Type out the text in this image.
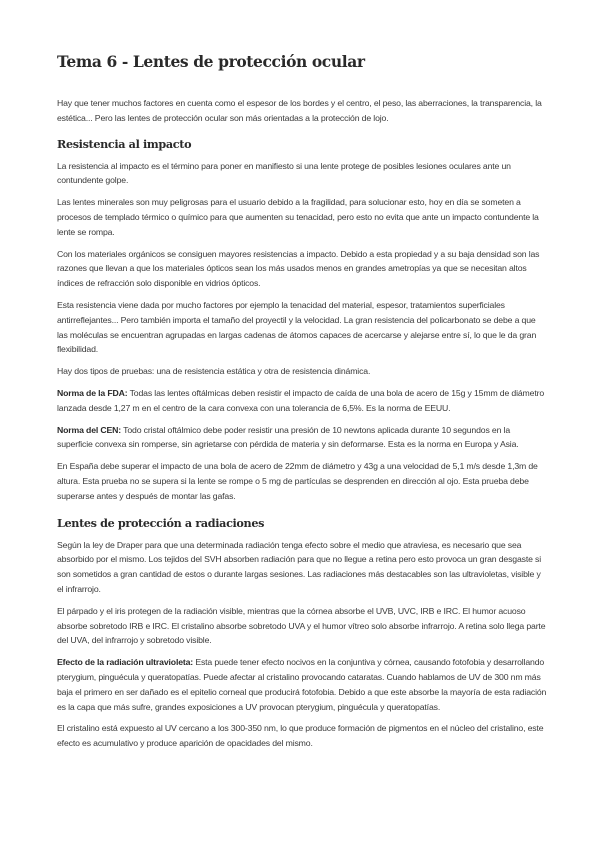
Tema 6 - Lentes de protección ocular

Hay que tener muchos factores en cuenta como el espesor de los bordes y el centro, el peso, las aberraciones, la transparencia, la estética... Pero las lentes de protección ocular son más orientadas a la protección de lojo.

Resistencia al impacto

La resistencia al impacto es el término para poner en manifiesto si una lente protege de posibles lesiones oculares ante un contundente golpe.

Las lentes minerales son muy peligrosas para el usuario debido a la fragilidad, para solucionar esto, hoy en día se someten a procesos de templado térmico o químico para que aumenten su tenacidad, pero esto no evita que ante un impacto contundente la lente se rompa.

Con los materiales orgánicos se consiguen mayores resistencias a impacto. Debido a esta propiedad y a su baja densidad son las razones que llevan a que los materiales ópticos sean los más usados menos en grandes ametropías ya que se necesitan altos índices de refracción solo disponible en vidrios ópticos.

Esta resistencia viene dada por mucho factores por ejemplo la tenacidad del material, espesor, tratamientos superficiales antirreflejantes... Pero también importa el tamaño del proyectil y la velocidad. La gran resistencia del policarbonato se debe a que las moléculas se encuentran agrupadas en largas cadenas de átomos capaces de acercarse y alejarse entre sí, lo que le da gran flexibilidad.

Hay dos tipos de pruebas: una de resistencia estática y otra de resistencia dinámica.

Norma de la FDA: Todas las lentes oftálmicas deben resistir el impacto de caída de una bola de acero de 15g y 15mm de diámetro lanzada desde 1,27 m en el centro de la cara convexa con una tolerancia de 6,5%. Es la norma de EEUU.

Norma del CEN: Todo cristal oftálmico debe poder resistir una presión de 10 newtons aplicada durante 10 segundos en la superficie convexa sin romperse, sin agrietarse con pérdida de materia y sin deformarse. Esta es la norma en Europa y Asia.

En España debe superar el impacto de una bola de acero de 22mm de diámetro y 43g a una velocidad de 5,1 m/s desde 1,3m de altura. Esta prueba no se supera si la lente se rompe o 5 mg de partículas se desprenden en dirección al ojo. Esta prueba debe superarse antes y después de montar las gafas.

Lentes de protección a radiaciones

Según la ley de Draper para que una determinada radiación tenga efecto sobre el medio que atraviesa, es necesario que sea absorbido por el mismo. Los tejidos del SVH absorben radiación para que no llegue a retina pero esto provoca un gran desgaste si son sometidos a gran cantidad de estos o durante largas sesiones. Las radiaciones más destacables son las ultravioletas, visible y el infrarrojo.

El párpado y el iris protegen de la radiación visible, mientras que la córnea absorbe el UVB, UVC, IRB e IRC. El humor acuoso absorbe sobretodo IRB e IRC. El cristalino absorbe sobretodo UVA y el humor vítreo solo absorbe infrarrojo. A retina solo llega parte del UVA, del infrarrojo y sobretodo visible.

Efecto de la radiación ultravioleta: Esta puede tener efecto nocivos en la conjuntiva y córnea, causando fotofobia y desarrollando pterygium, pinguécula y queratopatías. Puede afectar al cristalino provocando cataratas. Cuando hablamos de UV de 300 nm más baja el primero en ser dañado es el epitelio corneal que producirá fotofobia. Debido a que este absorbe la mayoría de esta radiación es la capa que más sufre, grandes exposiciones a UV provocan pterygium, pinguécula y queratopatías.

El cristalino está expuesto al UV cercano a los 300-350 nm, lo que produce formación de pigmentos en el núcleo del cristalino, este efecto es acumulativo y produce aparición de opacidades del mismo.
